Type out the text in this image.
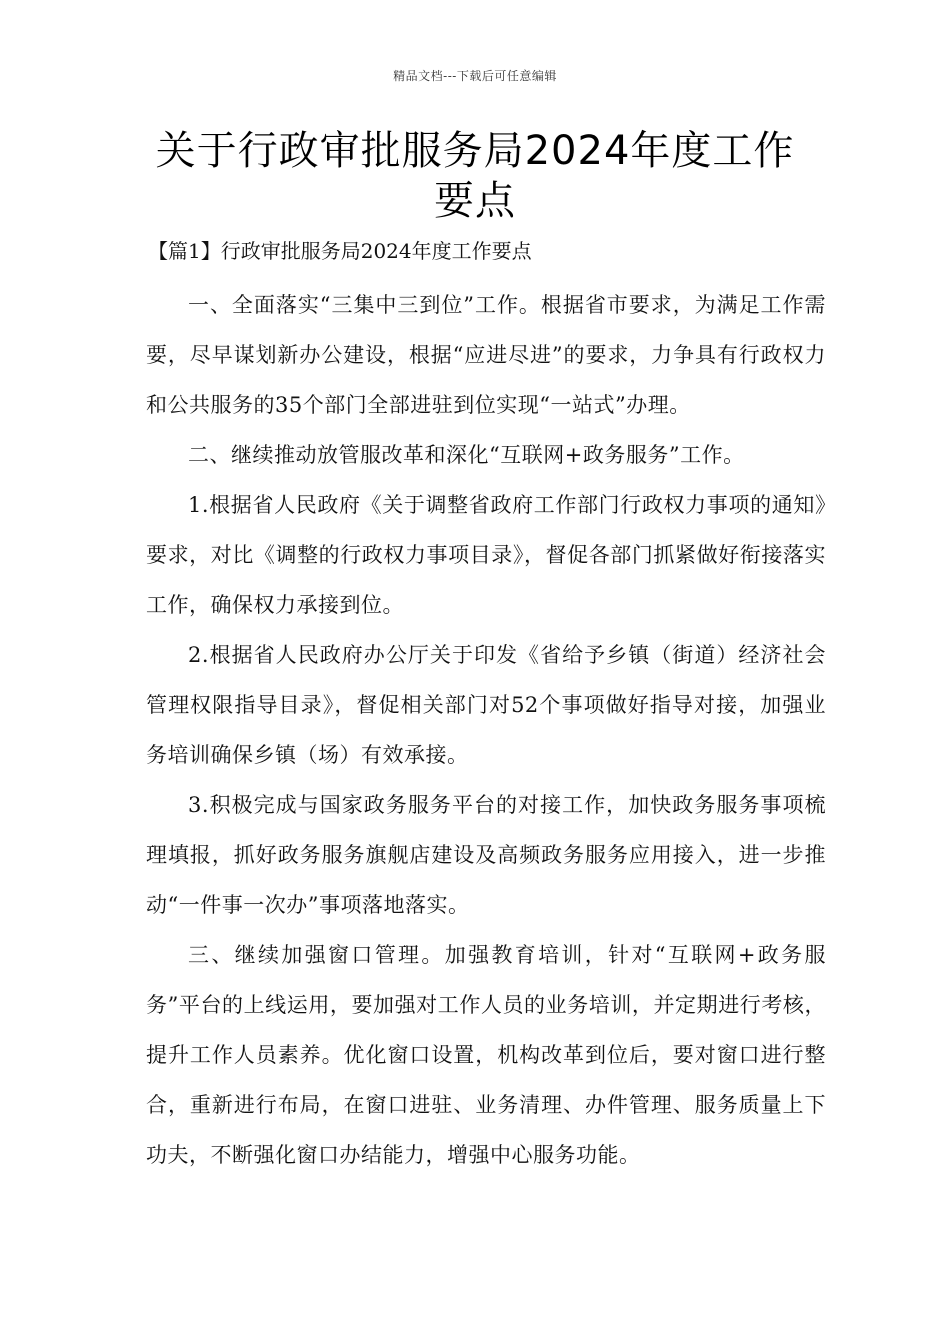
精品文档---下载后可任意编辑
关于行政审批服务局2024年度工作要点
【篇1】行政审批服务局2024年度工作要点

一、全面落实“三集中三到位”工作。根据省市要求，为满足工作需要，尽早谋划新办公建设，根据“应进尽进”的要求，力争具有行政权力和公共服务的35个部门全部进驻到位实现“一站式”办理。

二、继续推动放管服改革和深化“互联网+政务服务”工作。

1.根据省人民政府《关于调整省政府工作部门行政权力事项的通知》要求，对比《调整的行政权力事项目录》，督促各部门抓紧做好衔接落实工作，确保权力承接到位。

2.根据省人民政府办公厅关于印发《省给予乡镇（街道）经济社会管理权限指导目录》，督促相关部门对52个事项做好指导对接，加强业务培训确保乡镇（场）有效承接。

3.积极完成与国家政务服务平台的对接工作，加快政务服务事项梳理填报，抓好政务服务旗舰店建设及高频政务服务应用接入，进一步推动“一件事一次办”事项落地落实。

三、继续加强窗口管理。加强教育培训，针对“互联网+政务服务”平台的上线运用，要加强对工作人员的业务培训，并定期进行考核，提升工作人员素养。优化窗口设置，机构改革到位后，要对窗口进行整合，重新进行布局，在窗口进驻、业务清理、办件管理、服务质量上下功夫，不断强化窗口办结能力，增强中心服务功能。
